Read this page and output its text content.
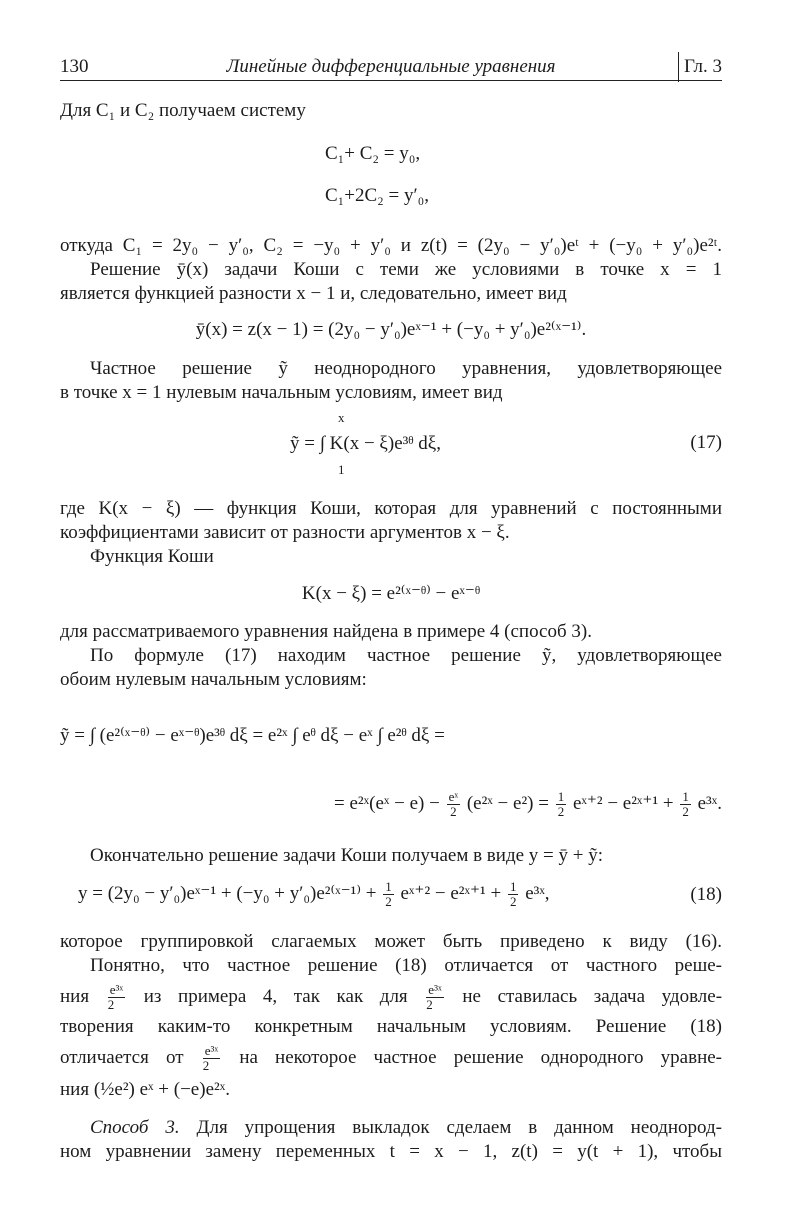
130	Линейные дифференциальные уравнения	Гл. 3
Для C₁ и C₂ получаем систему
C₁+ C₂ = y₀,
C₁+2C₂ = y′₀,
откуда C₁ = 2y₀ − y′₀, C₂ = −y₀ + y′₀ и z(t) = (2y₀ − y′₀)eᵗ + (−y₀ + y′₀)e²ᵗ.
Решение ȳ(x) задачи Коши с теми же условиями в точке x = 1
является функцией разности x − 1 и, следовательно, имеет вид
ȳ(x) = z(x − 1) = (2y₀ − y′₀)eˣ⁻¹ + (−y₀ + y′₀)e²⁽ˣ⁻¹⁾.
Частное решение ỹ неоднородного уравнения, удовлетворяющее
в точке x = 1 нулевым начальным условиям, имеет вид
ỹ = ∫ K(x − ξ)e³ᶿ dξ,
x
1
(17)
где K(x − ξ) — функция Коши, которая для уравнений с постоянными
коэффициентами зависит от разности аргументов x − ξ.
Функция Коши
K(x − ξ) = e²⁽ˣ⁻ᶿ⁾ − eˣ⁻ᶿ
для рассматриваемого уравнения найдена в примере 4 (способ 3).
По формуле (17) находим частное решение ỹ, удовлетворяющее
обоим нулевым начальным условиям:
ỹ = ∫ (e²⁽ˣ⁻ᶿ⁾ − eˣ⁻ᶿ)e³ᶿ dξ = e²ˣ ∫ eᶿ dξ − eˣ ∫ e²ᶿ dξ =
= e²ˣ(eˣ − $e) - \frac{\text{eˣ}}{2}$ (e²ˣ − $e^2) = \frac{1}{2}$ eˣ⁺² − e²ˣ⁺¹ + $\frac{1}{2}$ e³ˣ.
Окончательно решение задачи Коши получаем в виде y = ȳ + ỹ:
y = (2y₀ − y′₀)eˣ⁻¹ + (−y₀ + y′₀)e²⁽ˣ⁻¹⁾ + $\frac{1}{2}$ eˣ⁺² − e²ˣ⁺¹ + $\frac{1}{2}$ e³ˣ,	(18)
которое группировкой слагаемых может быть приведено к виду (16).
Понятно, что частное решение (18) отличается от частного реше-
ния $\frac{\text{e³ˣ}}{2}$ из примера 4, так как для $\frac{\text{e³ˣ}}{2}$ не ставилась задача удовле-
творения каким-то конкретным начальным условиям. Решение (18)
отличается от $\frac{\text{e³ˣ}}{2}$ на некоторое частное решение однородного уравне-
ния (½e²) eˣ + (−e)e²ˣ.
Способ 3. Для упрощения выкладок сделаем в данном неоднород-
ном уравнении замену переменных t = x − 1, z(t) = y(t + 1), чтобы
